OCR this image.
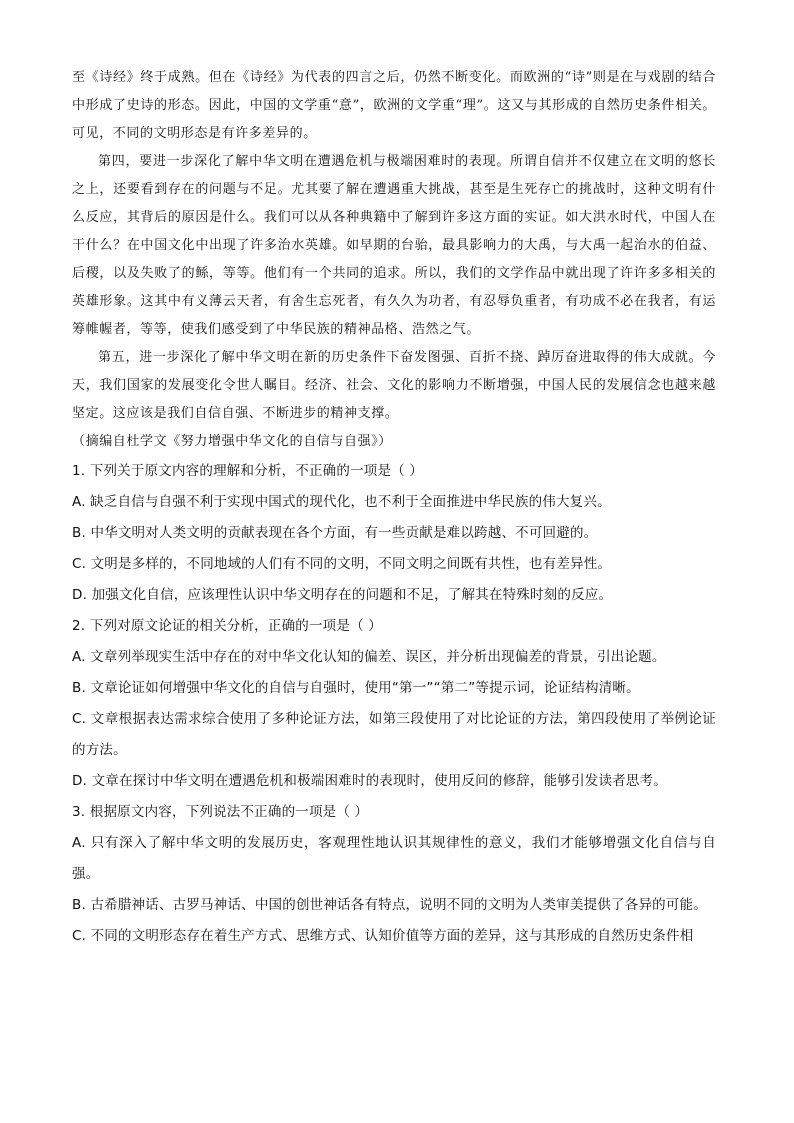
至《诗经》终于成熟。但在《诗经》为代表的四言之后，仍然不断变化。而欧洲的“诗”则是在与戏剧的结合中形成了史诗的形态。因此，中国的文学重“意”，欧洲的文学重“理”。这又与其形成的自然历史条件相关。可见，不同的文明形态是有许多差异的。

第四，要进一步深化了解中华文明在遭遇危机与极端困难时的表现。所谓自信并不仅建立在文明的悠长之上，还要看到存在的问题与不足。尤其要了解在遭遇重大挑战，甚至是生死存亡的挑战时，这种文明有什么反应，其背后的原因是什么。我们可以从各种典籍中了解到许多这方面的实证。如大洪水时代，中国人在干什么？在中国文化中出现了许多治水英雄。如早期的台骀，最具影响力的大禹，与大禹一起治水的伯益、后稷，以及失败了的鲧，等等。他们有一个共同的追求。所以，我们的文学作品中就出现了许许多多相关的英雄形象。这其中有义薄云天者，有舍生忘死者，有久久为功者，有忍辱负重者，有功成不必在我者，有运筹帷幄者，等等，使我们感受到了中华民族的精神品格、浩然之气。

第五，进一步深化了解中华文明在新的历史条件下奋发图强、百折不挠、踔厉奋进取得的伟大成就。今天，我们国家的发展变化令世人瞩目。经济、社会、文化的影响力不断增强，中国人民的发展信念也越来越坚定。这应该是我们自信自强、不断进步的精神支撑。

（摘编自杜学文《努力增强中华文化的自信与自强》）

1. 下列关于原文内容的理解和分析，不正确的一项是（ ）

A. 缺乏自信与自强不利于实现中国式的现代化，也不利于全面推进中华民族的伟大复兴。

B. 中华文明对人类文明的贡献表现在各个方面，有一些贡献是难以跨越、不可回避的。

C. 文明是多样的，不同地域的人们有不同的文明，不同文明之间既有共性，也有差异性。

D. 加强文化自信，应该理性认识中华文明存在的问题和不足，了解其在特殊时刻的反应。

2. 下列对原文论证的相关分析，正确的一项是（ ）

A. 文章列举现实生活中存在的对中华文化认知的偏差、误区，并分析出现偏差的背景，引出论题。

B. 文章论证如何增强中华文化的自信与自强时，使用“第一”“第二”等提示词，论证结构清晰。

C. 文章根据表达需求综合使用了多种论证方法，如第三段使用了对比论证的方法，第四段使用了举例论证的方法。

D. 文章在探讨中华文明在遭遇危机和极端困难时的表现时，使用反问的修辞，能够引发读者思考。

3. 根据原文内容，下列说法不正确的一项是（ ）

A. 只有深入了解中华文明的发展历史，客观理性地认识其规律性的意义，我们才能够增强文化自信与自强。

B. 古希腊神话、古罗马神话、中国的创世神话各有特点，说明不同的文明为人类审美提供了各异的可能。

C. 不同的文明形态存在着生产方式、思维方式、认知价值等方面的差异，这与其形成的自然历史条件相
